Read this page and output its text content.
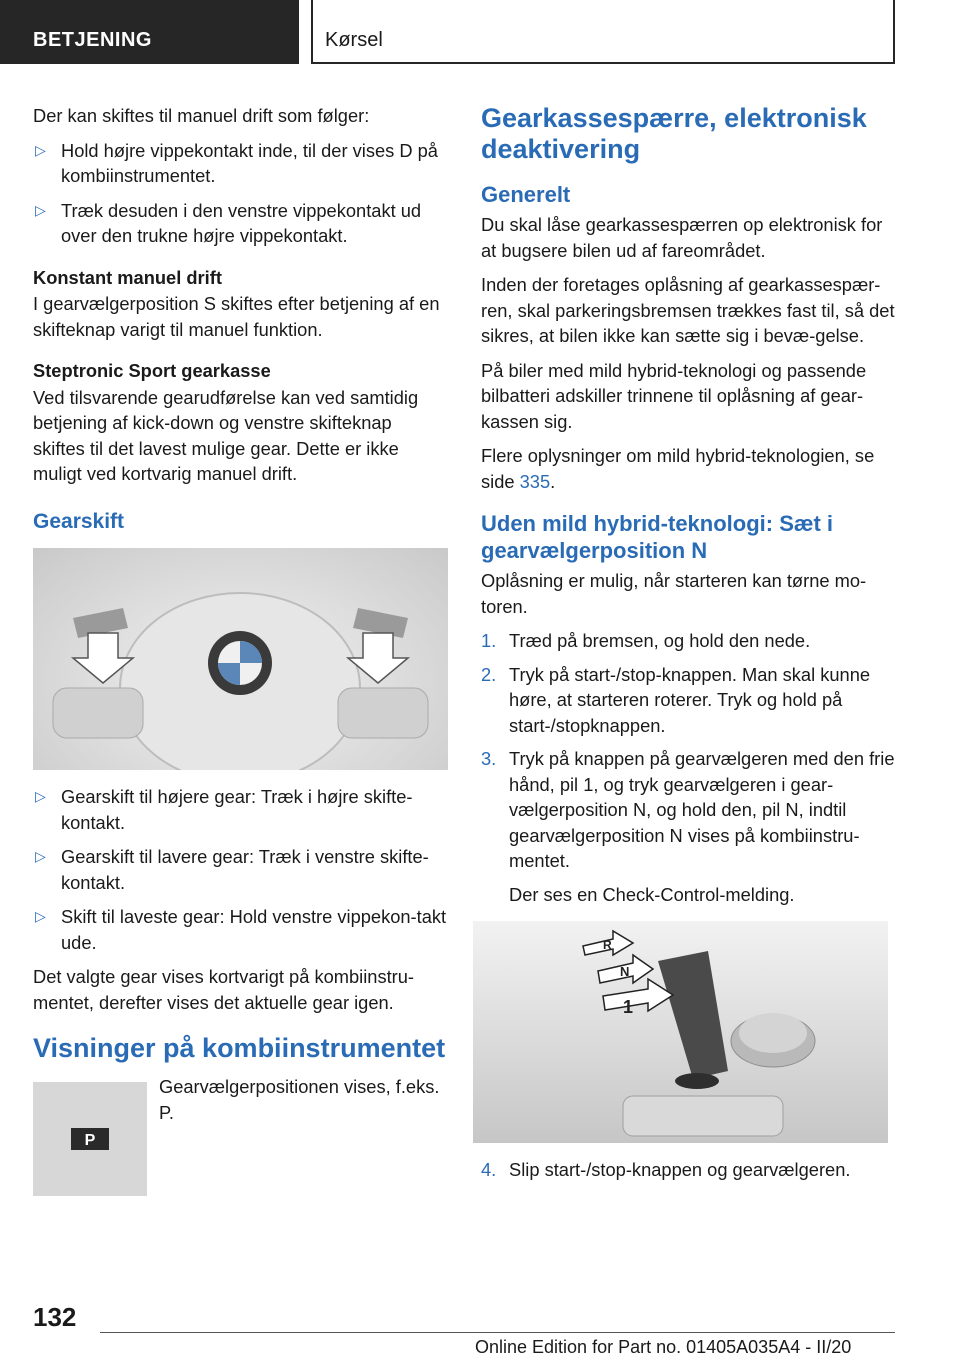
BETJENING	Kørsel

Der kan skiftes til manuel drift som følger:

▷ Hold højre vippekontakt inde, til der vises D på kombiinstrumentet.
▷ Træk desuden i den venstre vippekontakt ud over den trukne højre vippekontakt.
Konstant manuel drift

I gearvælgerposition S skiftes efter betjening af en skifteknap varigt til manuel funktion.

Steptronic Sport gearkasse

Ved tilsvarende gearudførelse kan ved samtidig betjening af kick-down og venstre skifteknap skiftes til det lavest mulige gear. Dette er ikke muligt ved kortvarig manuel drift.

Gearskift
▷ Gearskift til højere gear: Træk i højre skifte-kontakt.
▷ Gearskift til lavere gear: Træk i venstre skifte-kontakt.
▷ Skift til laveste gear: Hold venstre vippekon-takt ude.

Det valgte gear vises kortvarigt på kombiinstru-mentet, derefter vises det aktuelle gear igen.

Visninger på kombiinstrumentet
P
Gearvælgerpositionen vises, f.eks. P.
Gearkassespærre, elektronisk deaktivering
Generelt

Du skal låse gearkassespærren op elektronisk for at bugsere bilen ud af fareområdet.

Inden der foretages oplåsning af gearkassespær-ren, skal parkeringsbremsen trækkes fast til, så det sikres, at bilen ikke kan sætte sig i bevæ-gelse.

På biler med mild hybrid-teknologi og passende bilbatteri adskiller trinnene til oplåsning af gear-kassen sig.

Flere oplysninger om mild hybrid-teknologien, se side 335.

Uden mild hybrid-teknologi: Sæt i gearvælgerposition N

Oplåsning er mulig, når starteren kan tørne mo-toren.

1. Træd på bremsen, og hold den nede.
2. Tryk på start-/stop-knappen. Man skal kunne høre, at starteren roterer. Tryk og hold på start-/stopknappen.
3. Tryk på knappen på gearvælgeren med den frie hånd, pil 1, og tryk gearvælgeren i gear-vælgerposition N, og hold den, pil N, indtil gearvælgerposition N vises på kombiinstru-mentet.
Der ses en Check-Control-melding.
R
N
1
4. Slip start-/stop-knappen og gearvælgeren.
132
Online Edition for Part no. 01405A035A4 - II/20
